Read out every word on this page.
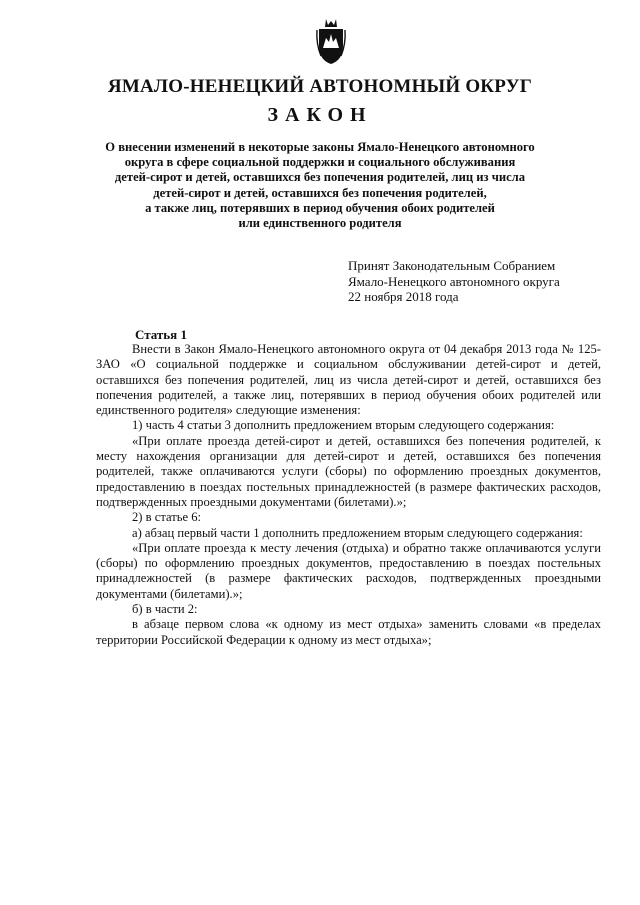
ЯМАЛО-НЕНЕЦКИЙ АВТОНОМНЫЙ ОКРУГ
ЗАКОН
О внесении изменений в некоторые законы Ямало-Ненецкого автономного
округа в сфере социальной поддержки и социального обслуживания
детей-сирот и детей, оставшихся без попечения родителей, лиц из числа
детей-сирот и детей, оставшихся без попечения родителей,
а также лиц, потерявших в период обучения обоих родителей
или единственного родителя
Принят Законодательным Собранием
Ямало-Ненецкого автономного округа
22 ноября 2018 года
Статья 1

Внести в Закон Ямало-Ненецкого автономного округа от 04 декабря 2013 года № 125-ЗАО «О социальной поддержке и социальном обслуживании детей-сирот и детей, оставшихся без попечения родителей, лиц из числа детей-сирот и детей, оставшихся без попечения родителей, а также лиц, потерявших в период обучения обоих родителей или единственного родителя» следующие изменения:

1) часть 4 статьи 3 дополнить предложением вторым следующего содержания:

«При оплате проезда детей-сирот и детей, оставшихся без попечения родителей, к месту нахождения организации для детей-сирот и детей, оставшихся без попечения родителей, также оплачиваются услуги (сборы) по оформлению проездных документов, предоставлению в поездах постельных принадлежностей (в размере фактических расходов, подтвержденных проездными документами (билетами).»;

2) в статье 6:

а) абзац первый части 1 дополнить предложением вторым следующего содержания:

«При оплате проезда к месту лечения (отдыха) и обратно также оплачиваются услуги (сборы) по оформлению проездных документов, предоставлению в поездах постельных принадлежностей (в размере фактических расходов, подтвержденных проездными документами (билетами).»;

б) в части 2:

в абзаце первом слова «к одному из мест отдыха» заменить словами «в пределах территории Российской Федерации к одному из мест отдыха»;
